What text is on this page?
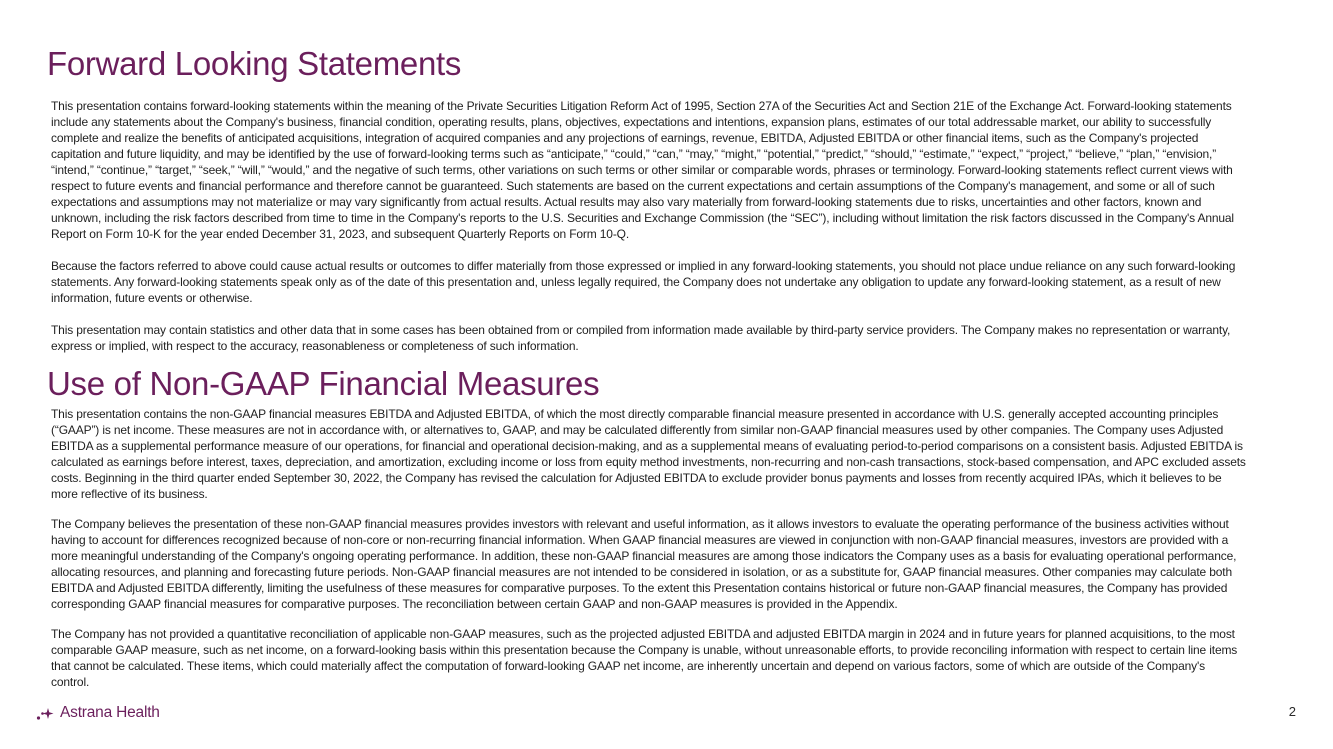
Forward Looking Statements

This presentation contains forward-looking statements within the meaning of the Private Securities Litigation Reform Act of 1995, Section 27A of the Securities Act and Section 21E of the Exchange Act. Forward-looking statements include any statements about the Company's business, financial condition, operating results, plans, objectives, expectations and intentions, expansion plans, estimates of our total addressable market, our ability to successfully complete and realize the benefits of anticipated acquisitions, integration of acquired companies and any projections of earnings, revenue, EBITDA, Adjusted EBITDA or other financial items, such as the Company's projected capitation and future liquidity, and may be identified by the use of forward-looking terms such as “anticipate,” “could,” “can,” “may,” “might,” “potential,” “predict,” “should,” “estimate,” “expect,” “project,” “believe,” “plan,” “envision,” “intend,” “continue,” “target,” “seek,” “will,” “would,” and the negative of such terms, other variations on such terms or other similar or comparable words, phrases or terminology. Forward-looking statements reflect current views with respect to future events and financial performance and therefore cannot be guaranteed. Such statements are based on the current expectations and certain assumptions of the Company's management, and some or all of such expectations and assumptions may not materialize or may vary significantly from actual results. Actual results may also vary materially from forward-looking statements due to risks, uncertainties and other factors, known and unknown, including the risk factors described from time to time in the Company's reports to the U.S. Securities and Exchange Commission (the “SEC”), including without limitation the risk factors discussed in the Company's Annual Report on Form 10-K for the year ended December 31, 2023, and subsequent Quarterly Reports on Form 10-Q.

Because the factors referred to above could cause actual results or outcomes to differ materially from those expressed or implied in any forward-looking statements, you should not place undue reliance on any such forward-looking statements. Any forward-looking statements speak only as of the date of this presentation and, unless legally required, the Company does not undertake any obligation to update any forward-looking statement, as a result of new information, future events or otherwise.

This presentation may contain statistics and other data that in some cases has been obtained from or compiled from information made available by third-party service providers. The Company makes no representation or warranty, express or implied, with respect to the accuracy, reasonableness or completeness of such information.

Use of Non-GAAP Financial Measures

This presentation contains the non-GAAP financial measures EBITDA and Adjusted EBITDA, of which the most directly comparable financial measure presented in accordance with U.S. generally accepted accounting principles (“GAAP”) is net income. These measures are not in accordance with, or alternatives to, GAAP, and may be calculated differently from similar non-GAAP financial measures used by other companies. The Company uses Adjusted EBITDA as a supplemental performance measure of our operations, for financial and operational decision-making, and as a supplemental means of evaluating period-to-period comparisons on a consistent basis. Adjusted EBITDA is calculated as earnings before interest, taxes, depreciation, and amortization, excluding income or loss from equity method investments, non-recurring and non-cash transactions, stock-based compensation, and APC excluded assets costs. Beginning in the third quarter ended September 30, 2022, the Company has revised the calculation for Adjusted EBITDA to exclude provider bonus payments and losses from recently acquired IPAs, which it believes to be more reflective of its business.

The Company believes the presentation of these non-GAAP financial measures provides investors with relevant and useful information, as it allows investors to evaluate the operating performance of the business activities without having to account for differences recognized because of non-core or non-recurring financial information. When GAAP financial measures are viewed in conjunction with non-GAAP financial measures, investors are provided with a more meaningful understanding of the Company's ongoing operating performance. In addition, these non-GAAP financial measures are among those indicators the Company uses as a basis for evaluating operational performance, allocating resources, and planning and forecasting future periods. Non-GAAP financial measures are not intended to be considered in isolation, or as a substitute for, GAAP financial measures. Other companies may calculate both EBITDA and Adjusted EBITDA differently, limiting the usefulness of these measures for comparative purposes. To the extent this Presentation contains historical or future non-GAAP financial measures, the Company has provided corresponding GAAP financial measures for comparative purposes. The reconciliation between certain GAAP and non-GAAP measures is provided in the Appendix.

The Company has not provided a quantitative reconciliation of applicable non-GAAP measures, such as the projected adjusted EBITDA and adjusted EBITDA margin in 2024 and in future years for planned acquisitions, to the most comparable GAAP measure, such as net income, on a forward-looking basis within this presentation because the Company is unable, without unreasonable efforts, to provide reconciling information with respect to certain line items that cannot be calculated. These items, which could materially affect the computation of forward-looking GAAP net income, are inherently uncertain and depend on various factors, some of which are outside of the Company's control.

Astrana Health	2
